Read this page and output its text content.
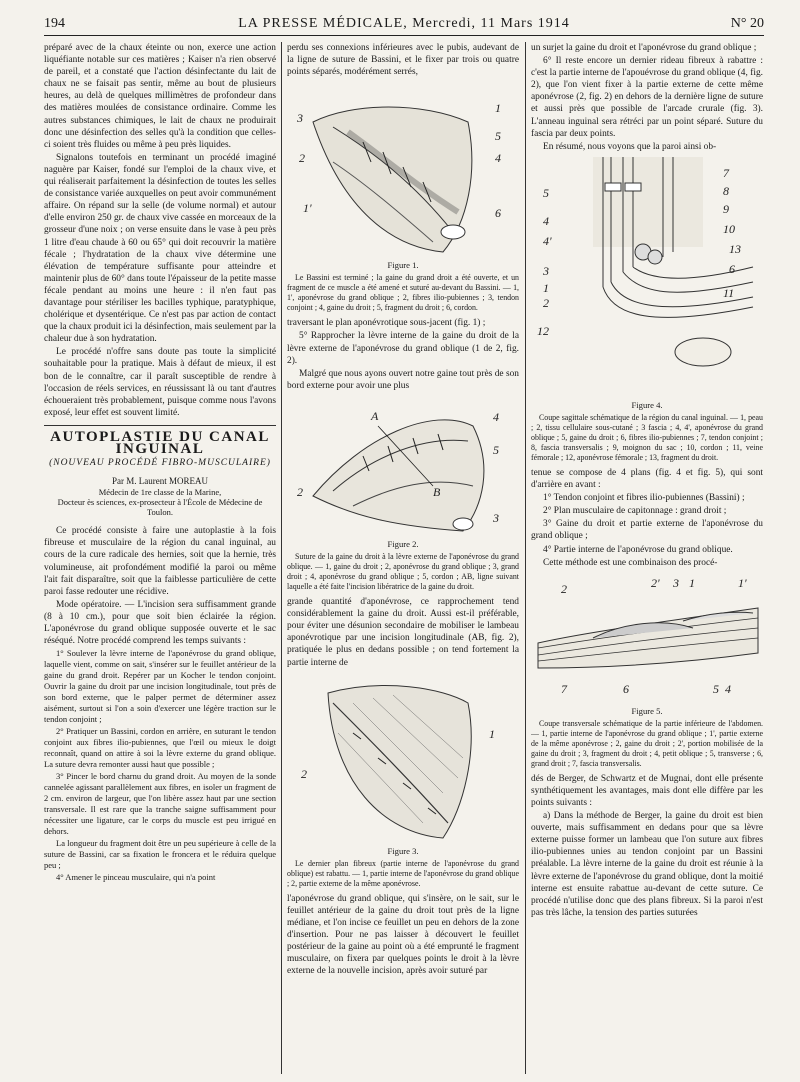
194	LA PRESSE MÉDICALE, Mercredi, 11 Mars 1914	N° 20

préparé avec de la chaux éteinte ou non, exerce une action liquéfiante notable sur ces matières ; Kaiser n'a rien observé de pareil, et a constaté que l'action désinfectante du lait de chaux ne se faisait pas sentir, même au bout de plusieurs heures, au delà de quelques millimètres de profondeur dans des matières moulées de consistance ordinaire. Comme les autres substances chimiques, le lait de chaux ne produirait donc une désinfection des selles qu'à la condition que celles-ci soient très fluides ou même à peu près liquides.

Signalons toutefois en terminant un procédé imaginé naguère par Kaiser, fondé sur l'emploi de la chaux vive, et qui réaliserait parfaitement la désinfection de toutes les selles de consistance variée auxquelles on peut avoir communément affaire. On répand sur la selle (de volume normal) et autour d'elle environ 250 gr. de chaux vive cassée en morceaux de la grosseur d'une noix ; on verse ensuite dans le vase à peu près 1 litre d'eau chaude à 60 ou 65° qui doit recouvrir la matière fécale ; l'hydratation de la chaux vive détermine une élévation de température suffisante pour atteindre et maintenir plus de 60° dans toute l'épaisseur de la petite masse fécale pendant au moins une heure : il n'en faut pas davantage pour stériliser les bacilles typhique, paratyphique, cholérique et dysentérique. Ce n'est pas par action de contact que la chaux produit ici la désinfection, mais seulement par la chaleur due à son hydratation.

Le procédé n'offre sans doute pas toute la simplicité souhaitable pour la pratique. Mais à défaut de mieux, il est bon de le connaître, car il paraît susceptible de rendre à l'occasion de réels services, en réussissant là ou tant d'autres échoueraient très probablement, puisque comme nous l'avons exposé, leur effet est souvent limité.

AUTOPLASTIE DU CANAL INGUINAL
(NOUVEAU PROCÉDÉ FIBRO-MUSCULAIRE)
Par M. Laurent MOREAU
Médecin de 1re classe de la Marine,
Docteur ès sciences, ex-prosecteur à l'École de Médecine de Toulon.

Ce procédé consiste à faire une autoplastie à la fois fibreuse et musculaire de la région du canal inguinal, au cours de la cure radicale des hernies, soit que la hernie, très volumineuse, ait profondément modifié la paroi ou même l'ait fait disparaître, soit que la faiblesse particulière de cette paroi fasse redouter une récidive.

Mode opératoire. — L'incision sera suffisamment grande (8 à 10 cm.), pour que soit bien éclairée la région. L'aponévrose du grand oblique supposée ouverte et le sac réséqué. Notre procédé comprend les temps suivants :

1° Soulever la lèvre interne de l'aponévrose du grand oblique, laquelle vient, comme on sait, s'insérer sur le feuillet antérieur de la gaine du grand droit. Repérer par un Kocher le tendon conjoint. Ouvrir la gaine du droit par une incision longitudinale, tout près de son bord externe, que le palper permet de déterminer assez aisément, surtout si l'on a soin d'exercer une légère traction sur le tendon conjoint ;

2° Pratiquer un Bassini, cordon en arrière, en suturant le tendon conjoint aux fibres ilio-pubiennes, que l'œil ou mieux le doigt reconnaît, quand on attire à soi la lèvre externe du grand oblique. La suture devra remonter aussi haut que possible ;

3° Pincer le bord charnu du grand droit. Au moyen de la sonde cannelée agissant parallèlement aux fibres, en isoler un fragment de 2 cm. environ de largeur, que l'on libère assez haut par une section transversale. Il est rare que la tranche saigne suffisamment pour nécessiter une ligature, car le corps du muscle est peu irrigué en dehors.

La longueur du fragment doit être un peu supérieure à celle de la suture de Bassini, car sa fixation le froncera et le réduira quelque peu ;

4° Amener le pinceau musculaire, qui n'a point

perdu ses connexions inférieures avec le pubis, audevant de la ligne de suture de Bassini, et le fixer par trois ou quatre points séparés, modérément serrés,

3
1
5
4
2
1'	6
Figure 1.

Le Bassini est terminé ; la gaine du grand droit a été ouverte, et un fragment de ce muscle a été amené et suturé au-devant du Bassini. — 1, 1', aponévrose du grand oblique ; 2, fibres ilio-pubiennes ; 3, tendon conjoint ; 4, gaine du droit ; 5, fragment du droit ; 6, cordon.

traversant le plan aponévrotique sous-jacent (fig. 1) ;

5° Rapprocher la lèvre interne de la gaine du droit de la lèvre externe de l'aponévrose du grand oblique (1 de 2, fig. 2).

Malgré que nous ayons ouvert notre gaine tout près de son bord externe pour avoir une plus

A	4
5
2	B
3
Figure 2.

Suture de la gaine du droit à la lèvre externe de l'aponévrose du grand oblique. — 1, gaine du droit ; 2, aponévrose du grand oblique ; 3, grand droit ; 4, aponévrose du grand oblique ; 5, cordon ; AB, ligne suivant laquelle a été faite l'incision libératrice de la gaine du droit.

grande quantité d'aponévrose, ce rapprochement tend considérablement la gaine du droit. Aussi est-il préférable, pour éviter une désunion secondaire de mobiliser le lambeau aponévrotique par une incision longitudinale (AB, fig. 2), pratiquée le plus en dedans possible ; on tend fortement la partie interne de

1
2
Figure 3.

Le dernier plan fibreux (partie interne de l'aponévrose du grand oblique) est rabattu. — 1, partie interne de l'aponévrose du grand oblique ; 2, partie externe de la même aponévrose.

l'aponévrose du grand oblique, qui s'insère, on le sait, sur le feuillet antérieur de la gaine du droit tout près de la ligne médiane, et l'on incise ce feuillet un peu en dehors de la zone d'insertion. Pour ne pas laisser à découvert le feuillet postérieur de la gaine au point où a été emprunté le fragment musculaire, on fixera par quelques points le droit à la lèvre externe de la nouvelle incision, après avoir suturé par

un surjet la gaine du droit et l'aponévrose du grand oblique ;

6° Il reste encore un dernier rideau fibreux à rabattre : c'est la partie interne de l'apouévrose du grand oblique (4, fig. 2), que l'on vient fixer à la partie externe de cette même aponévrose (2, fig. 2) en dehors de la dernière ligne de suture et aussi près que possible de l'arcade crurale (fig. 3). L'anneau inguinal sera rétréci par un point séparé. Suture du fascia par deux points.

En résumé, nous voyons que la paroi ainsi ob-

5
4
4'
3
1
2
12
7
8
9
10
13
6
11
Figure 4.

Coupe sagittale schématique de la région du canal inguinal. — 1, peau ; 2, tissu cellulaire sous-cutané ; 3 fascia ; 4, 4', aponévrose du grand oblique ; 5, gaine du droit ; 6, fibres ilio-pubiennes ; 7, tendon conjoint ; 8, fascia transversalis ; 9, moignon du sac ; 10, cordon ; 11, veine fémorale ; 12, aponévrose fémorale ; 13, fragment du droit.

tenue se compose de 4 plans (fig. 4 et fig. 5), qui sont d'arrière en avant :

1° Tendon conjoint et fibres ilio-pubiennes (Bassini) ;

2° Plan musculaire de capitonnage : grand droit ;

3° Gaine du droit et partie externe de l'aponévrose du grand oblique ;

4° Partie interne de l'aponévrose du grand oblique.

Cette méthode est une combinaison des procé-

2	2' 3 1	1'
7	6	5 4
Figure 5.

Coupe transversale schématique de la partie inférieure de l'abdomen. — 1, partie interne de l'aponévrose du grand oblique ; 1', partie externe de la même aponévrose ; 2, gaine du droit ; 2', portion mobilisée de la gaine du droit ; 3, fragment du droit ; 4, petit oblique ; 5, transverse ; 6, grand droit ; 7, fascia transversalis.

dés de Berger, de Schwartz et de Mugnai, dont elle présente synthétiquement les avantages, mais dont elle diffère par les points suivants :

a) Dans la méthode de Berger, la gaine du droit est bien ouverte, mais suffisamment en dedans pour que sa lèvre externe puisse former un lambeau que l'on suture aux fibres ilio-pubiennes unies au tendon conjoint par un Bassini préalable. La lèvre interne de la gaine du droit est réunie à la lèvre externe de l'aponévrose du grand oblique, dont la moitié interne est ensuite rabattue au-devant de cette suture. Ce procédé n'utilise donc que des plans fibreux. Si la paroi n'est pas très lâche, la tension des parties suturées
